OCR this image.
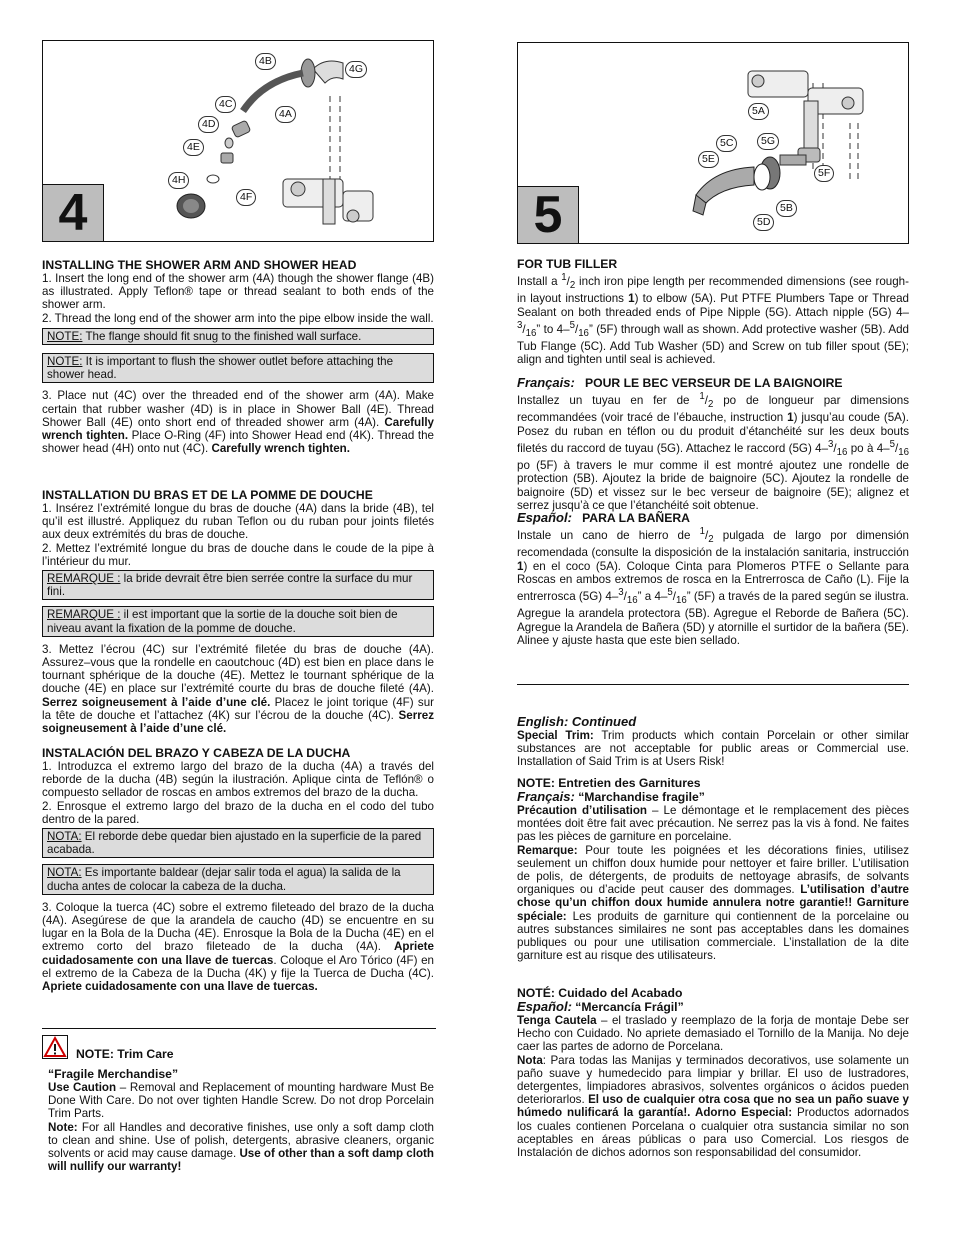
4B
4G
4C
4A
4D
4E
4H
4F
4
INSTALLING THE SHOWER ARM AND SHOWER HEAD

1. Insert the long end of the shower arm (4A) though the shower flange (4B) as illustrated. Apply Teflon® tape or thread sealant to both ends of the shower arm.

2. Thread the long end of the shower arm into the pipe elbow inside the wall.

NOTE: The flange should fit snug to the finished wall surface.
NOTE: It is important to flush the shower outlet before attaching the shower head.

3. Place nut (4C) over the threaded end of the shower arm (4A). Make certain that rubber washer (4D) is in place in Shower Ball (4E). Thread Shower Ball (4E) onto short end of threaded shower arm (4A). Carefully wrench tighten. Place O-Ring (4F) into Shower Head end (4K). Thread the shower head (4H) onto nut (4C). Carefully wrench tighten.

INSTALLATION DU BRAS ET DE LA POMME DE DOUCHE

1. Insérez l’extrémité longue du bras de douche (4A) dans la bride (4B), tel qu’il est illustré. Appliquez du ruban Teflon ou du ruban pour joints filetés aux deux extrémités du bras de douche.

2. Mettez l’extrémité longue du bras de douche dans le coude de la pipe à l’intérieur du mur.

REMARQUE : la bride devrait être bien serrée contre la surface du mur fini.
REMARQUE : il est important que la sortie de la douche soit bien de niveau avant la fixation de la pomme de douche.

3. Mettez l’écrou (4C) sur l’extrémité filetée du bras de douche (4A). Assurez–vous que la rondelle en caoutchouc (4D) est bien en place dans le tournant sphérique de la douche (4E). Mettez le tournant sphérique de la douche (4E) en place sur l’extrémité courte du bras de douche fileté (4A). Serrez soigneusement à l’aide d’une clé. Placez le joint torique (4F) sur la tête de douche et l’attachez (4K) sur l’écrou de la douche (4C). Serrez soigneusement à l’aide d’une clé.

INSTALACIÓN DEL BRAZO Y CABEZA DE LA DUCHA

1. Introduzca el extremo largo del brazo de la ducha (4A) a través del reborde de la ducha (4B) según la ilustración. Aplique cinta de Teflón® o compuesto sellador de roscas en ambos extremos del brazo de la ducha.

2. Enrosque el extremo largo del brazo de la ducha en el codo del tubo dentro de la pared.

NOTA: El reborde debe quedar bien ajustado en la superficie de la pared acabada.
NOTA: Es importante baldear (dejar salir toda el agua) la salida de la ducha antes de colocar la cabeza de la ducha.

3. Coloque la tuerca (4C) sobre el extremo fileteado del brazo de la ducha (4A). Asegúrese de que la arandela de caucho (4D) se encuentre en su lugar en la Bola de la Ducha (4E). Enrosque la Bola de la Ducha (4E) en el extremo corto del brazo fileteado de la ducha (4A). Apriete cuidadosamente con una llave de tuercas. Coloque el Aro Tórico (4F) en el extremo de la Cabeza de la Ducha (4K) y fije la Tuerca de Ducha (4C). Apriete cuidadosamente con una llave de tuercas.

NOTE: Trim Care
“Fragile Merchandise”

Use Caution – Removal and Replacement of mounting hardware Must Be Done With Care. Do not over tighten Handle Screw. Do not drop Porcelain Trim Parts.
Note: For all Handles and decorative finishes, use only a soft damp cloth to clean and shine. Use of polish, detergents, abrasive cleaners, organic solvents or acid may cause damage. Use of other than a soft damp cloth will nullify our warranty!

5A
5C	5G
5E
5F
5B
5D
5
FOR TUB FILLER

Install a $^1/_2$ inch iron pipe length per recommended dimensions (see rough-in layout instructions 1) to elbow (5A). Put PTFE Plumbers Tape or Thread Sealant on both threaded ends of Pipe Nipple (5G). Attach nipple (5G) $4-^3/_{16}$” to $4-^5/_{16}$” (5F) through wall as shown. Add protective washer (5B). Add Tub Flange (5C). Add Tub Washer (5D) and Screw on tub filler spout (5E); align and tighten until seal is achieved.

Français: POUR LE BEC VERSEUR DE LA BAIGNOIRE

Installez un tuyau en fer de $^1/_2$ po de longueur par dimensions recommandées (voir tracé de l’ébauche, instruction 1) jusqu’au coude (5A). Posez du ruban en téflon ou du produit d’étanchéité sur les deux bouts filetés du raccord de tuyau (5G). Attachez le raccord (5G) $4-^3/_{16}$ po à $4-^5/_{16}$ po (5F) à travers le mur comme il est montré ajoutez une rondelle de protection (5B). Ajoutez la bride de baignoire (5C). Ajoutez la rondelle de baignoire (5D) et vissez sur le bec verseur de baignoire (5E); alignez et serrez jusqu’à ce que l’étanchéité soit obtenue.

Español: PARA LA BAÑERA

Instale un cano de hierro de $^1/_2$ pulgada de largo por dimensión recomendada (consulte la disposición de la instalación sanitaria, instrucción 1) en el coco (5A). Coloque Cinta para Plomeros PTFE o Sellante para Roscas en ambos extremos de rosca en la Entrerrosca de Caño (L). Fije la entrerrosca (5G) $4-^3/_{16}$” a $4-^5/_{16}$” (5F) a través de la pared según se ilustra. Agregue la arandela protectora (5B). Agregue el Reborde de Bañera (5C). Agregue la Arandela de Bañera (5D) y atornille el surtidor de la bañera (5E). Alinee y ajuste hasta que este bien sellado.

English: Continued

Special Trim: Trim products which contain Porcelain or other similar substances are not acceptable for public areas or Commercial use. Installation of Said Trim is at Users Risk!

NOTE: Entretien des Garnitures
Français: “Marchandise fragile”

Précaution d’utilisation – Le démontage et le remplacement des pièces montées doit être fait avec précaution. Ne serrez pas la vis à fond. Ne faites pas les pièces de garniture en porcelaine.
Remarque: Pour toute les poignées et les décorations finies, utilisez seulement un chiffon doux humide pour nettoyer et faire briller. L’utilisation de polis, de détergents, de produits de nettoyage abrasifs, de solvants organiques ou d’acide peut causer des dommages. L’utilisation d’autre chose qu’un chiffon doux humide annulera notre garantie!! Garniture spéciale: Les produits de garniture qui contiennent de la porcelaine ou autres substances similaires ne sont pas acceptables dans les domaines publiques ou pour une utilisation commerciale. L’installation de la dite garniture est au risque des utilisateurs.

NOTÉ: Cuidado del Acabado
Español: “Mercancía Frágil”

Tenga Cautela – el traslado y reemplazo de la forja de montaje Debe ser Hecho con Cuidado. No apriete demasiado el Tornillo de la Manija. No deje caer las partes de adorno de Porcelana.
Nota: Para todas las Manijas y terminados decorativos, use solamente un paño suave y humedecido para limpiar y brillar. El uso de lustradores, detergentes, limpiadores abrasivos, solventes orgánicos o ácidos pueden deteriorarlos. El uso de cualquier otra cosa que no sea un paño suave y húmedo nulificará la garantía!. Adorno Especial: Productos adornados los cuales contienen Porcelana o cualquier otra sustancia similar no son aceptables en áreas públicas o para uso Comercial. Los riesgos de Instalación de dichos adornos son responsabilidad del consumidor.
